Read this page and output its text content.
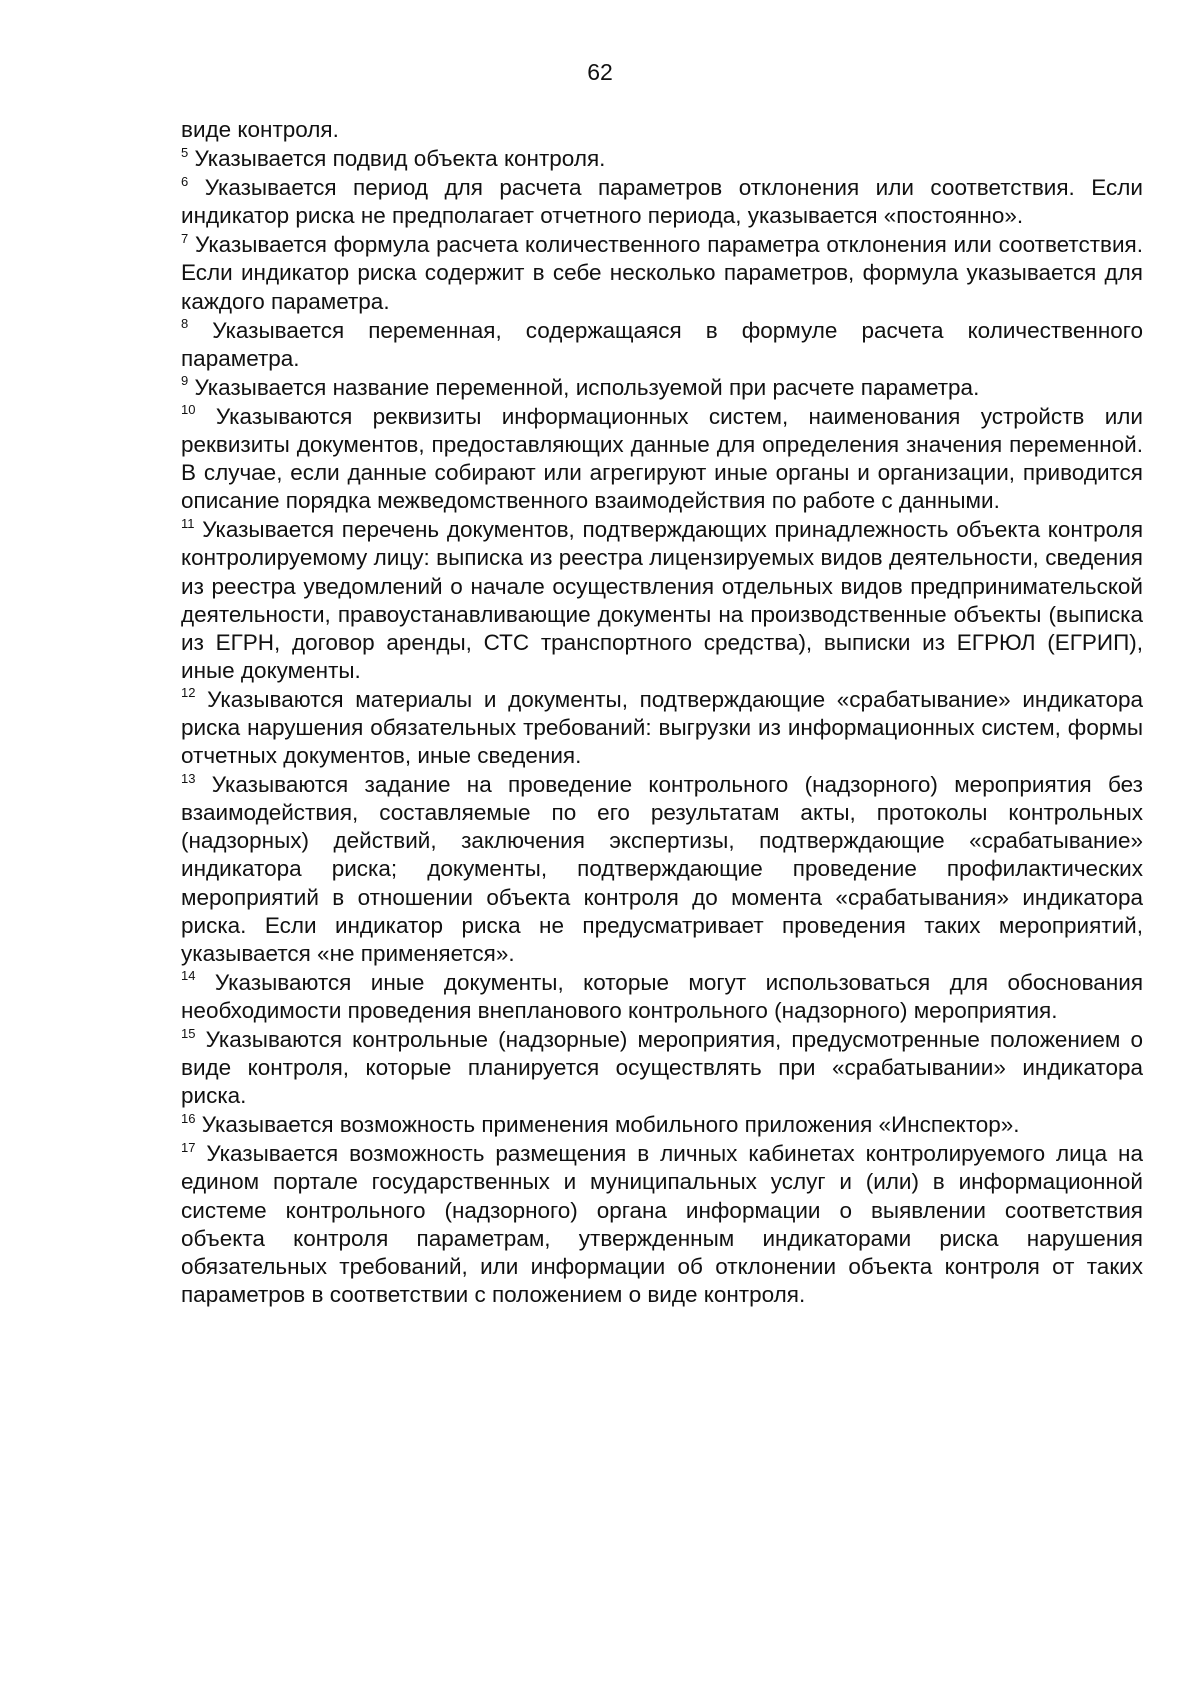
62

виде контроля.

$^5$ Указывается подвид объекта контроля.

$^6$ Указывается период для расчета параметров отклонения или соответствия. Если индикатор риска не предполагает отчетного периода, указывается «постоянно».

$^7$ Указывается формула расчета количественного параметра отклонения или соответствия. Если индикатор риска содержит в себе несколько параметров, формула указывается для каждого параметра.

$^8$ Указывается переменная, содержащаяся в формуле расчета количественного параметра.

$^9$ Указывается название переменной, используемой при расчете параметра.

$^{10}$ Указываются реквизиты информационных систем, наименования устройств или реквизиты документов, предоставляющих данные для определения значения переменной. В случае, если данные собирают или агрегируют иные органы и организации, приводится описание порядка межведомственного взаимодействия по работе с данными.

$^{11}$ Указывается перечень документов, подтверждающих принадлежность объекта контроля контролируемому лицу: выписка из реестра лицензируемых видов деятельности, сведения из реестра уведомлений о начале осуществления отдельных видов предпринимательской деятельности, правоустанавливающие документы на производственные объекты (выписка из ЕГРН, договор аренды, СТС транспортного средства), выписки из ЕГРЮЛ (ЕГРИП), иные документы.

$^{12}$ Указываются материалы и документы, подтверждающие «срабатывание» индикатора риска нарушения обязательных требований: выгрузки из информационных систем, формы отчетных документов, иные сведения.

$^{13}$ Указываются задание на проведение контрольного (надзорного) мероприятия без взаимодействия, составляемые по его результатам акты, протоколы контрольных (надзорных) действий, заключения экспертизы, подтверждающие «срабатывание» индикатора риска; документы, подтверждающие проведение профилактических мероприятий в отношении объекта контроля до момента «срабатывания» индикатора риска. Если индикатор риска не предусматривает проведения таких мероприятий, указывается «не применяется».

$^{14}$ Указываются иные документы, которые могут использоваться для обоснования необходимости проведения внепланового контрольного (надзорного) мероприятия.

$^{15}$ Указываются контрольные (надзорные) мероприятия, предусмотренные положением о виде контроля, которые планируется осуществлять при «срабатывании» индикатора риска.

$^{16}$ Указывается возможность применения мобильного приложения «Инспектор».

$^{17}$ Указывается возможность размещения в личных кабинетах контролируемого лица на едином портале государственных и муниципальных услуг и (или) в информационной системе контрольного (надзорного) органа информации о выявлении соответствия объекта контроля параметрам, утвержденным индикаторами риска нарушения обязательных требований, или информации об отклонении объекта контроля от таких параметров в соответствии с положением о виде контроля.
